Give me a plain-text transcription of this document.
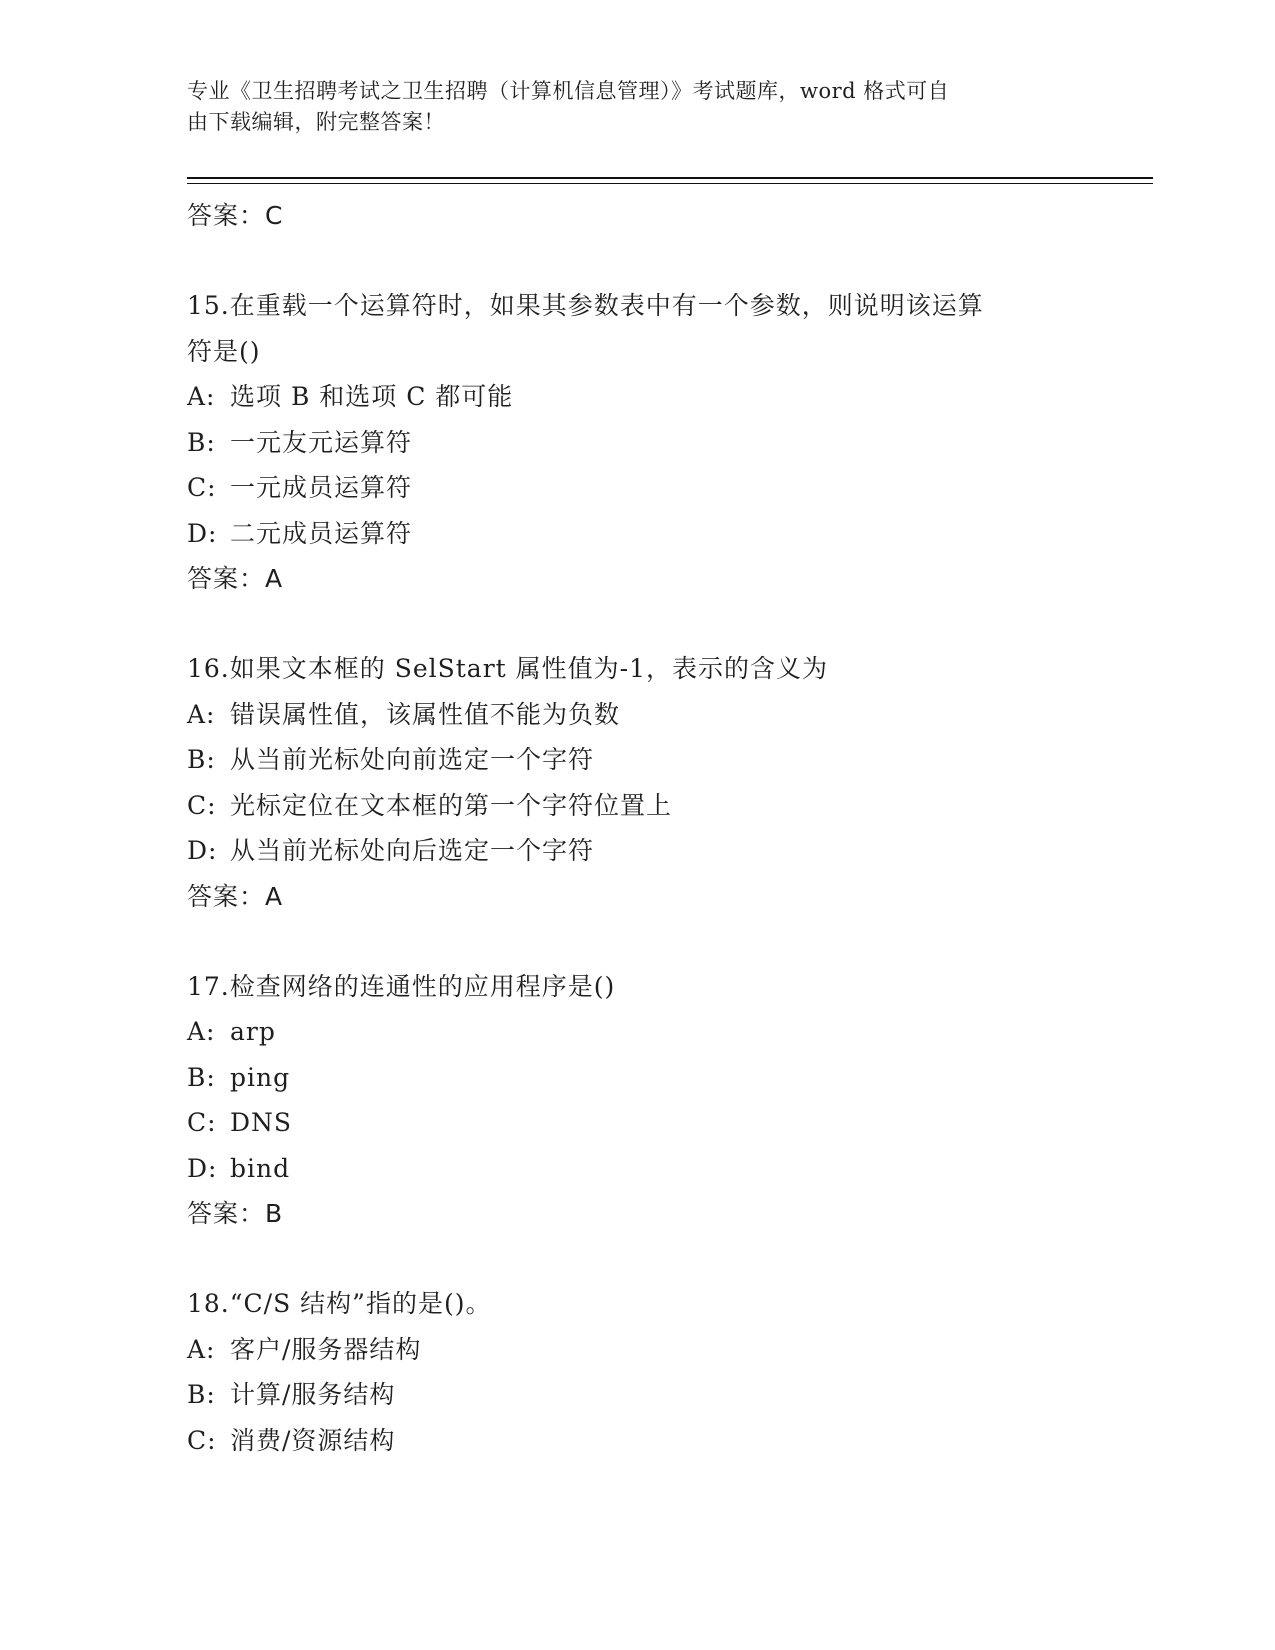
专业《卫生招聘考试之卫生招聘（计算机信息管理）》考试题库，word 格式可自
由下载编辑，附完整答案！
答案：C
15.在重载一个运算符时，如果其参数表中有一个参数，则说明该运算
符是()
A: 选项 B 和选项 C 都可能
B: 一元友元运算符
C: 一元成员运算符
D: 二元成员运算符
答案：A
16.如果文本框的 SelStart 属性值为-1，表示的含义为
A: 错误属性值，该属性值不能为负数
B: 从当前光标处向前选定一个字符
C: 光标定位在文本框的第一个字符位置上
D: 从当前光标处向后选定一个字符
答案：A
17.检查网络的连通性的应用程序是()
A: arp
B: ping
C: DNS
D: bind
答案：B
18.“C/S 结构”指的是()。
A: 客户/服务器结构
B: 计算/服务结构
C: 消费/资源结构
